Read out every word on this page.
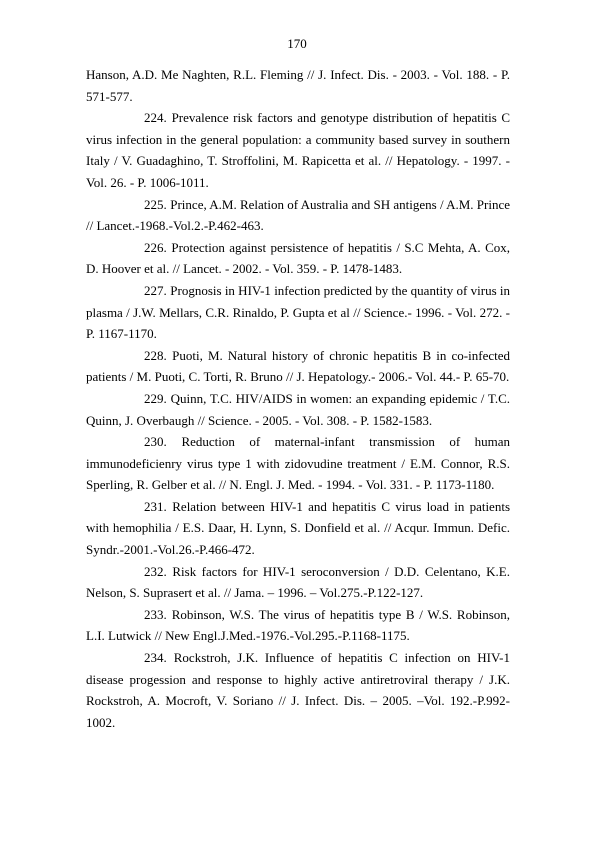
170

Hanson, A.D. Me Naghten, R.L. Fleming // J. Infect. Dis. - 2003. - Vol. 188. - P. 571-577.

224. Prevalence risk factors and genotype distribution of hepatitis C virus infection in the general population: a community based survey in southern Italy / V. Guadaghino, T. Stroffolini, M. Rapicetta et al. // Hepatology. - 1997. - Vol. 26. - P. 1006-1011.

225. Prince, A.M. Relation of Australia and SH antigens / A.M. Prince // Lancet.-1968.-Vol.2.-P.462-463.

226. Protection against persistence of hepatitis / S.C Mehta, A. Cox, D. Hoover et al. // Lancet. - 2002. - Vol. 359. - P. 1478-1483.

227. Prognosis in HIV-1 infection predicted by the quantity of virus in plasma / J.W. Mellars, C.R. Rinaldo, P. Gupta et al // Science.- 1996. - Vol. 272. - P. 1167-1170.

228. Puoti, M. Natural history of chronic hepatitis B in co-infected patients / M. Puoti, C. Torti, R. Bruno // J. Hepatology.- 2006.- Vol. 44.- P. 65-70.

229. Quinn, T.C. HIV/AIDS in women: an expanding epidemic / T.C. Quinn, J. Overbaugh // Science. - 2005. - Vol. 308. - P. 1582-1583.

230. Reduction of maternal-infant transmission of human immunodeficienry virus type 1 with zidovudine treatment / E.M. Connor, R.S. Sperling, R. Gelber et al. // N. Engl. J. Med. - 1994. - Vol. 331. - P. 1173-1180.

231. Relation between HIV-1 and hepatitis C virus load in patients with hemophilia / E.S. Daar, H. Lynn, S. Donfield et al. // Acqur. Immun. Defic. Syndr.-2001.-Vol.26.-P.466-472.

232. Risk factors for HIV-1 seroconversion / D.D. Celentano, K.E. Nelson, S. Suprasert et al. // Jama. – 1996. – Vol.275.-P.122-127.

233. Robinson, W.S. The virus of hepatitis type B / W.S. Robinson, L.I. Lutwick // New Engl.J.Med.-1976.-Vol.295.-P.1168-1175.

234. Rockstroh, J.K. Influence of hepatitis C infection on HIV-1 disease progession and response to highly active antiretroviral therapy / J.K. Rockstroh, A. Mocroft, V. Soriano // J. Infect. Dis. – 2005. –Vol. 192.-P.992-1002.
